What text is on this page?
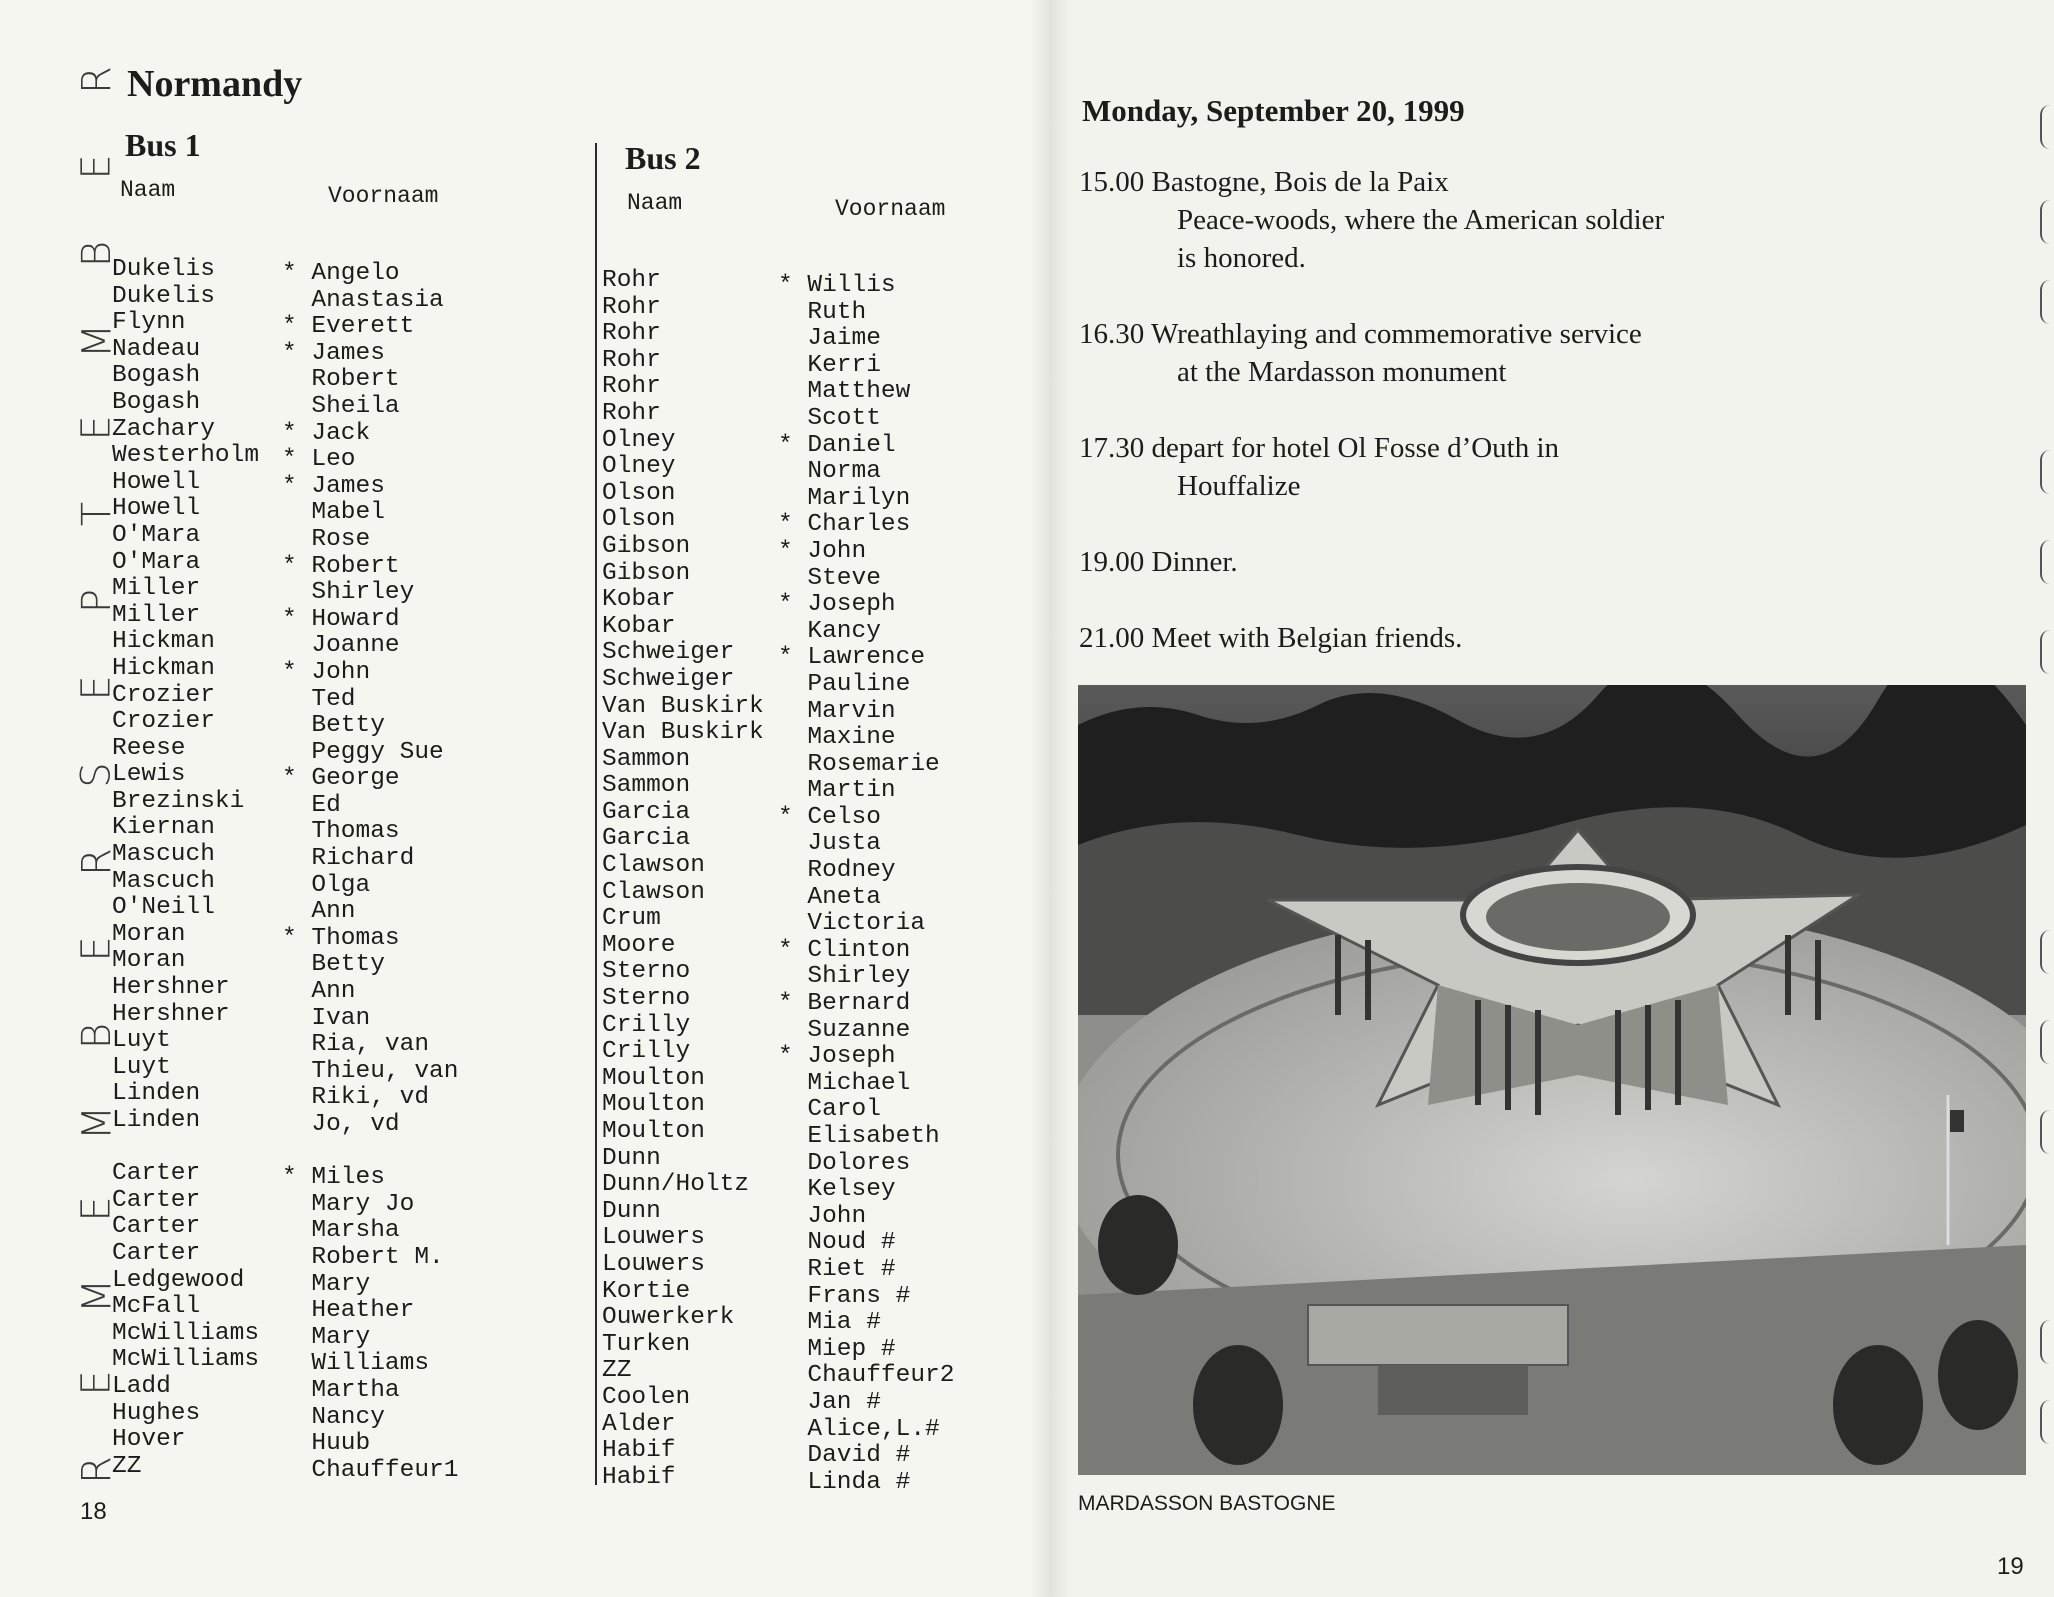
R
E
M
E
M
B
E
R
S
E
P
T
E
M
B
E
R Normandy
Bus 1
Naam	Voornaam
Dukelis
Dukelis
Flynn
Nadeau
Bogash
Bogash
Zachary
Westerholm
Howell
Howell
O'Mara
O'Mara
Miller
Miller
Hickman
Hickman
Crozier
Crozier
Reese
Lewis
Brezinski
Kiernan
Mascuch
Mascuch
O'Neill
Moran
Moran
Hershner
Hershner
Luyt
Luyt
Linden
Linden
Carter
Carter
Carter
Carter
Ledgewood
McFall
McWilliams
McWilliams
Ladd
Hughes
Hover
ZZ
* Angelo
Anastasia
* Everett
* James
Robert
Sheila
* Jack
* Leo
* James
Mabel
Rose
* Robert
Shirley
* Howard
Joanne
* John
Ted
Betty
Peggy Sue
* George
Ed
Thomas
Richard
Olga
Ann
* Thomas
Betty
Ann
Ivan
Ria, van
Thieu, van
Riki, vd
Jo, vd
* Miles
Mary Jo
Marsha
Robert M.
Mary
Heather
Mary
Williams
Martha
Nancy
Huub
Chauffeur1
Bus 2
Naam	Voornaam
Rohr
Rohr
Rohr
Rohr
Rohr
Rohr
Olney
Olney
Olson
Olson
Gibson
Gibson
Kobar
Kobar
Schweiger
Schweiger
Van Buskirk
Van Buskirk
Sammon
Sammon
Garcia
Garcia
Clawson
Clawson
Crum
Moore
Sterno
Sterno
Crilly
Crilly
Moulton
Moulton
Moulton
Dunn
Dunn/Holtz
Dunn
Louwers
Louwers
Kortie
Ouwerkerk
Turken
ZZ
Coolen
Alder
Habif
Habif
* Willis
Ruth
Jaime
Kerri
Matthew
Scott
* Daniel
Norma
Marilyn
* Charles
* John
Steve
* Joseph
Kancy
* Lawrence
Pauline
Marvin
Maxine
Rosemarie
Martin
* Celso
Justa
Rodney
Aneta
Victoria
* Clinton
Shirley
* Bernard
Suzanne
* Joseph
Michael
Carol
Elisabeth
Dolores
Kelsey
John
Noud #
Riet #
Frans #
Mia #
Miep #
Chauffeur2
Jan #
Alice,L.#
David #
Linda #
18
Monday, September 20, 1999
15.00 Bastogne, Bois de la Paix
Peace-woods, where the American soldier
is honored.
16.30 Wreathlaying and commemorative service
at the Mardasson monument
17.30 depart for hotel Ol Fosse d’Outh in
Houffalize
19.00 Dinner.
21.00 Meet with Belgian friends.
MARDASSON BASTOGNE
19
